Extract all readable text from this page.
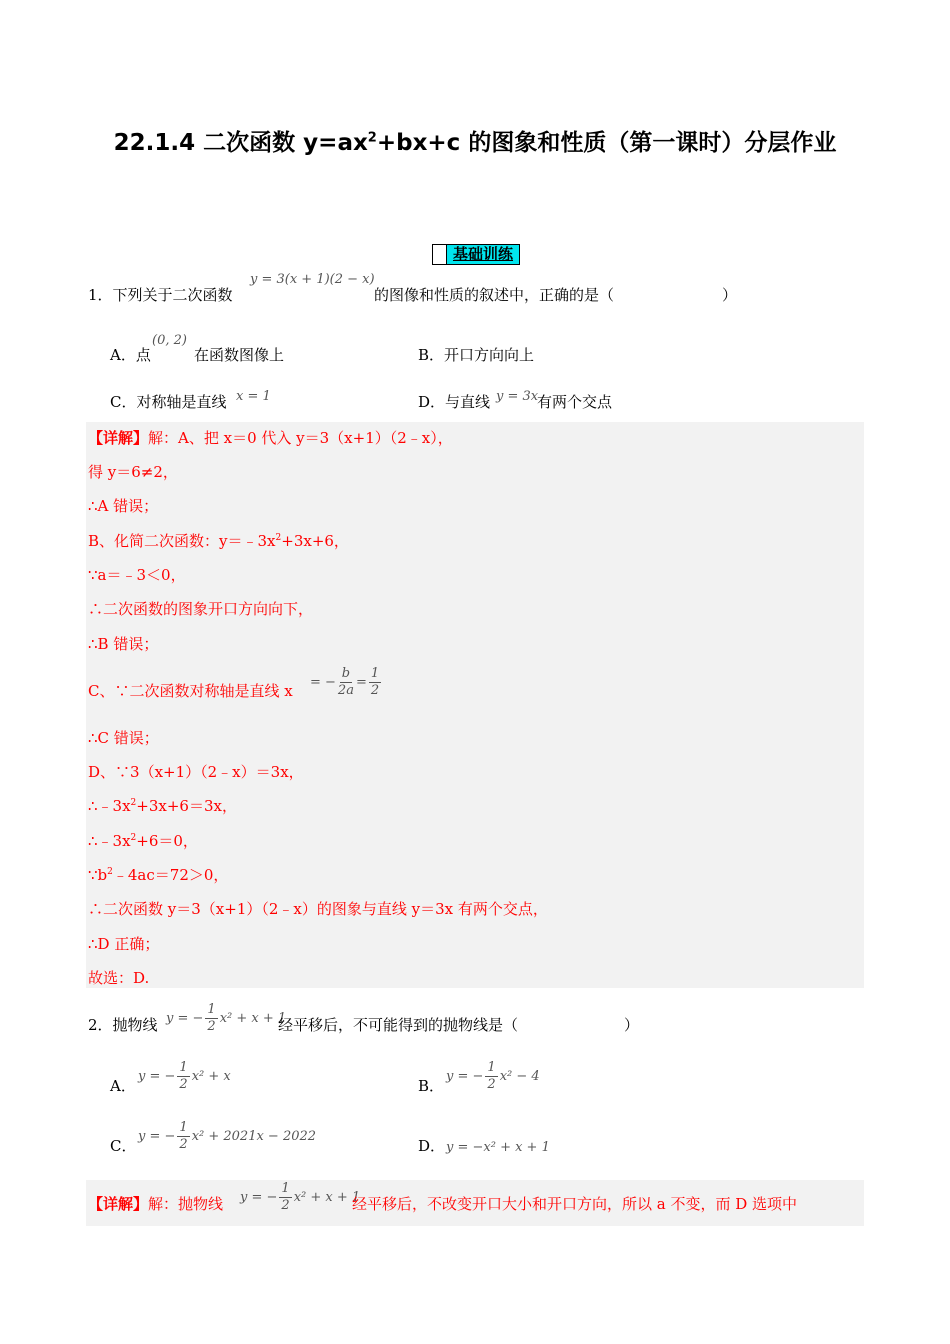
22.1.4 二次函数 $y=ax^2+bx+c$ 的图象和性质（第一课时）分层作业
基础训练
1．下列关于二次函数
y = 3(x + 1)(2 − x)
的图像和性质的叙述中，正确的是（	）
A．点
(0, 2)
在函数图像上	B．开口方向向上
C．对称轴是直线 x = 1	D．与直线 y = 3x
有两个交点
【详解】解：A、把 x＝0 代入 y＝3（x+1）（2﹣x），
得 y＝6≠2，
∴A 错误；
B、化简二次函数：$y=﹣3x^2+3x+6$，
∵a＝﹣3＜0，
∴二次函数的图象开口方向向下，
∴B 错误；
C、∵二次函数对称轴是直线 x = − $\frac{b}{2a} = \frac{1}{2}$
∴C 错误；
D、∵3（x+1）（2﹣x）＝3x，
$\therefore﹣3x^2+3x+6=3x$，
$\therefore﹣3x^2+6=0$，
$\because b^2﹣4ac=72>0$，
∴二次函数 y＝3（x+1）（2﹣x）的图象与直线 y＝3x 有两个交点，
∴D 正确；
故选：D.
2．抛物线 y = − $\frac{1}{2} x^2 + x + 1$
经平移后，不可能得到的抛物线是（	）
A．
y = − $\frac{1}{2} x^2 + x$
B．
y = − $\frac{1}{2} x^2 - 4$
C．
y = − $\frac{1}{2} x^2 + 2021x - 2022$
D． y = −x² + x + 1
【详解】解：抛物线 y = − $\frac{1}{2} x^2 + x + 1$
经平移后，不改变开口大小和开口方向，所以 a 不变，而 D 选项中
